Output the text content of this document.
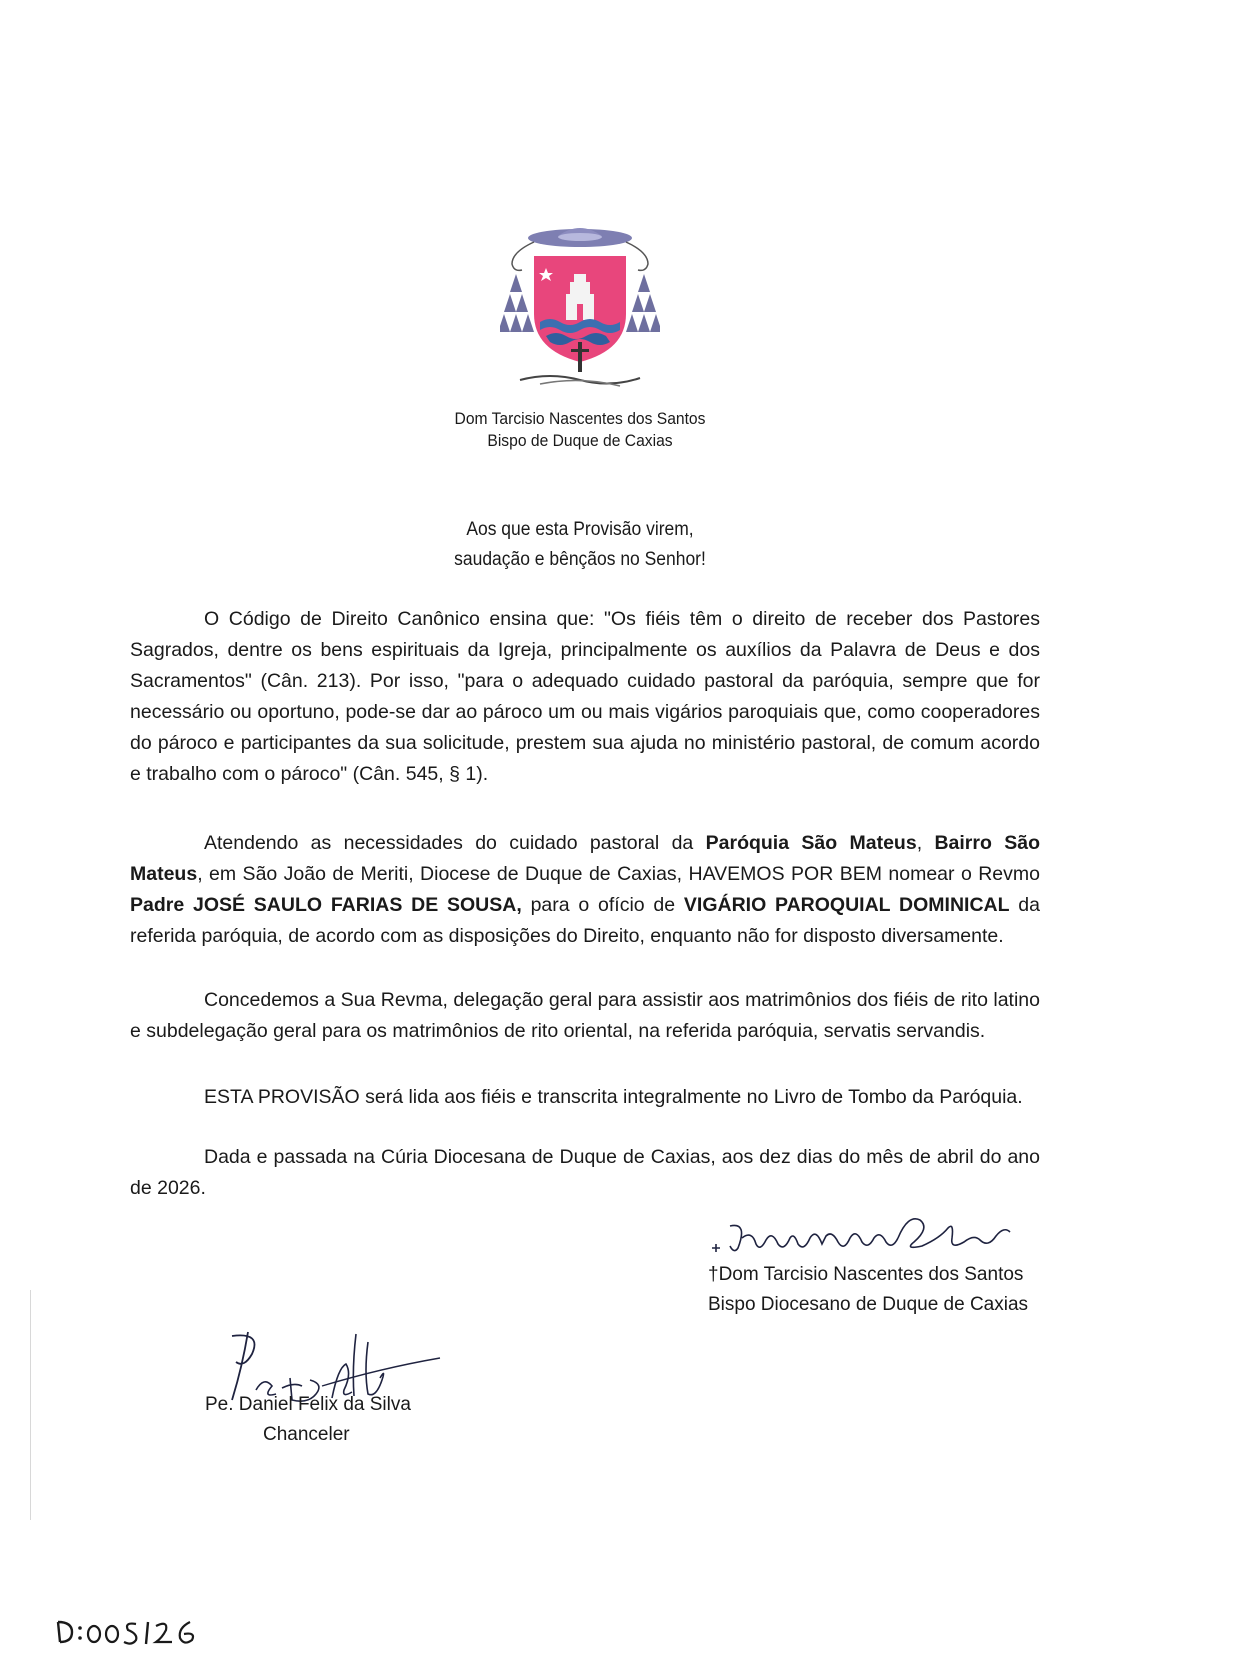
Dom Tarcisio Nascentes dos Santos
Bispo de Duque de Caxias
Aos que esta Provisão virem,
saudação e bênçãos no Senhor!
O Código de Direito Canônico ensina que: "Os fiéis têm o direito de receber dos Pastores Sagrados, dentre os bens espirituais da Igreja, principalmente os auxílios da Palavra de Deus e dos Sacramentos" (Cân. 213). Por isso, "para o adequado cuidado pastoral da paróquia, sempre que for necessário ou oportuno, pode-se dar ao pároco um ou mais vigários paroquiais que, como cooperadores do pároco e participantes da sua solicitude, prestem sua ajuda no ministério pastoral, de comum acordo e trabalho com o pároco" (Cân. 545, § 1).
Atendendo as necessidades do cuidado pastoral da Paróquia São Mateus, Bairro São Mateus, em São João de Meriti, Diocese de Duque de Caxias, HAVEMOS POR BEM nomear o Revmo Padre JOSÉ SAULO FARIAS DE SOUSA, para o ofício de VIGÁRIO PAROQUIAL DOMINICAL da referida paróquia, de acordo com as disposições do Direito, enquanto não for disposto diversamente.
Concedemos a Sua Revma, delegação geral para assistir aos matrimônios dos fiéis de rito latino e subdelegação geral para os matrimônios de rito oriental, na referida paróquia, servatis servandis.
ESTA PROVISÃO será lida aos fiéis e transcrita integralmente no Livro de Tombo da Paróquia.
Dada e passada na Cúria Diocesana de Duque de Caxias, aos dez dias do mês de abril do ano de 2026.
†Dom Tarcisio Nascentes dos Santos
Bispo Diocesano de Duque de Caxias
Pe. Daniel Felix da Silva
Chanceler
